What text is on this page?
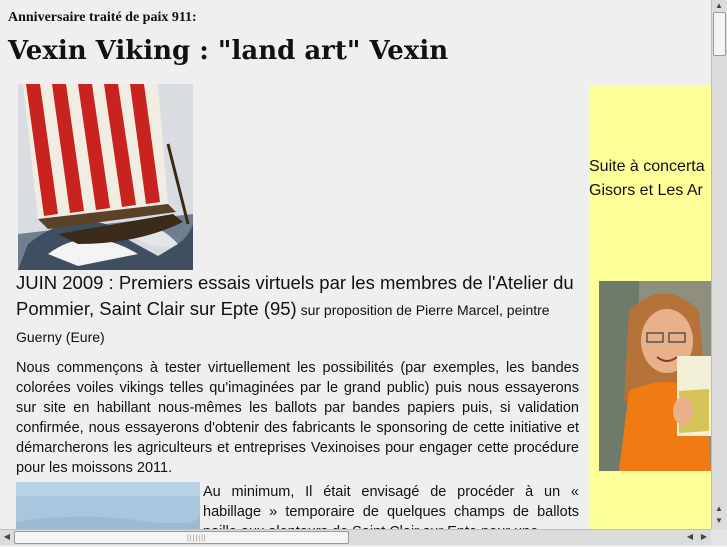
Anniversaire traité de paix 911:
Vexin Viking : "land art" Vexin
JUIN 2009 : Premiers essais virtuels par les membres de l'Atelier du Pommier, Saint Clair sur Epte (95) sur proposition de Pierre Marcel, peintre Guerny (Eure)
Nous commençons à tester virtuellement les possibilités (par exemples, les bandes colorées voiles vikings telles qu'imaginées par le grand public) puis nous essayerons sur site en habillant nous-mêmes les ballots par bandes papiers puis, si validation confirmée, nous essayerons d'obtenir des fabricants le sponsoring de cette initiative et démarcherons les agriculteurs et entreprises Vexinoises pour engager cette procédure pour les moissons 2011.
Au minimum, Il était envisagé de procéder à un « habillage » temporaire de quelques champs de ballots
Suite à concerta
Gisors et Les Ar
▲
▲
▼
◀	|||||||	◀ ▶
